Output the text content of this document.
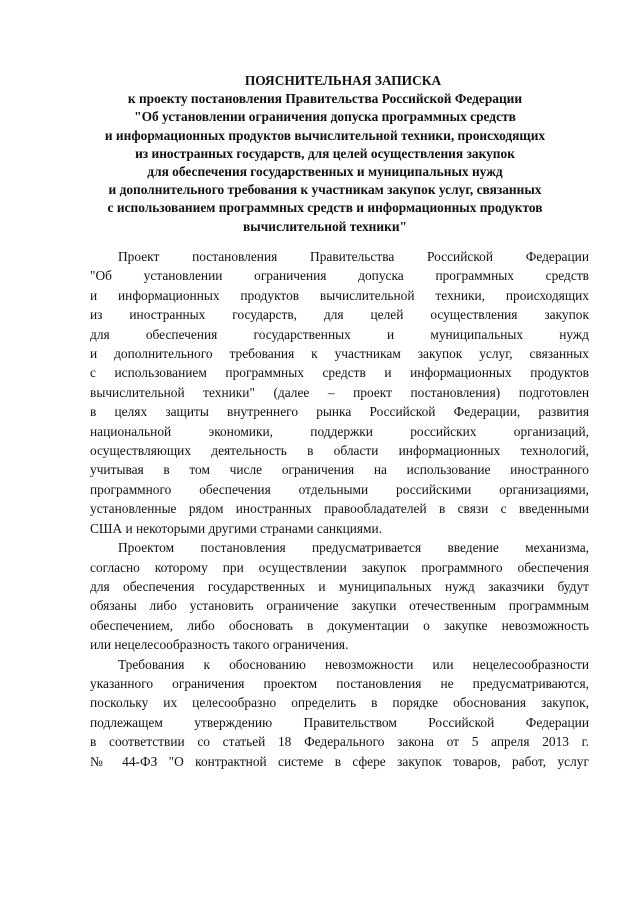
ПОЯСНИТЕЛЬНАЯ ЗАПИСКА
к проекту постановления Правительства Российской Федерации
"Об установлении ограничения допуска программных средств
и информационных продуктов вычислительной техники, происходящих
из иностранных государств, для целей осуществления закупок
для обеспечения государственных и муниципальных нужд
и дополнительного требования к участникам закупок услуг, связанных
с использованием программных средств и информационных продуктов
вычислительной техники"
Проект постановления Правительства Российской Федерации
"Об установлении ограничения допуска программных средств
и информационных продуктов вычислительной техники, происходящих
из иностранных государств, для целей осуществления закупок
для обеспечения государственных и муниципальных нужд
и дополнительного требования к участникам закупок услуг, связанных
с использованием программных средств и информационных продуктов
вычислительной техники" (далее – проект постановления) подготовлен
в целях защиты внутреннего рынка Российской Федерации, развития
национальной экономики, поддержки российских организаций,
осуществляющих деятельность в области информационных технологий,
учитывая в том числе ограничения на использование иностранного
программного обеспечения отдельными российскими организациями,
установленные рядом иностранных правообладателей в связи с введенными
США и некоторыми другими странами санкциями.
Проектом постановления предусматривается введение механизма,
согласно которому при осуществлении закупок программного обеспечения
для обеспечения государственных и муниципальных нужд заказчики будут
обязаны либо установить ограничение закупки отечественным программным
обеспечением, либо обосновать в документации о закупке невозможность
или нецелесообразность такого ограничения.
Требования к обоснованию невозможности или нецелесообразности
указанного ограничения проектом постановления не предусматриваются,
поскольку их целесообразно определить в порядке обоснования закупок,
подлежащем утверждению Правительством Российской Федерации
в соответствии со статьей 18 Федерального закона от 5 апреля 2013 г.
№ 44-ФЗ "О контрактной системе в сфере закупок товаров, работ, услуг
